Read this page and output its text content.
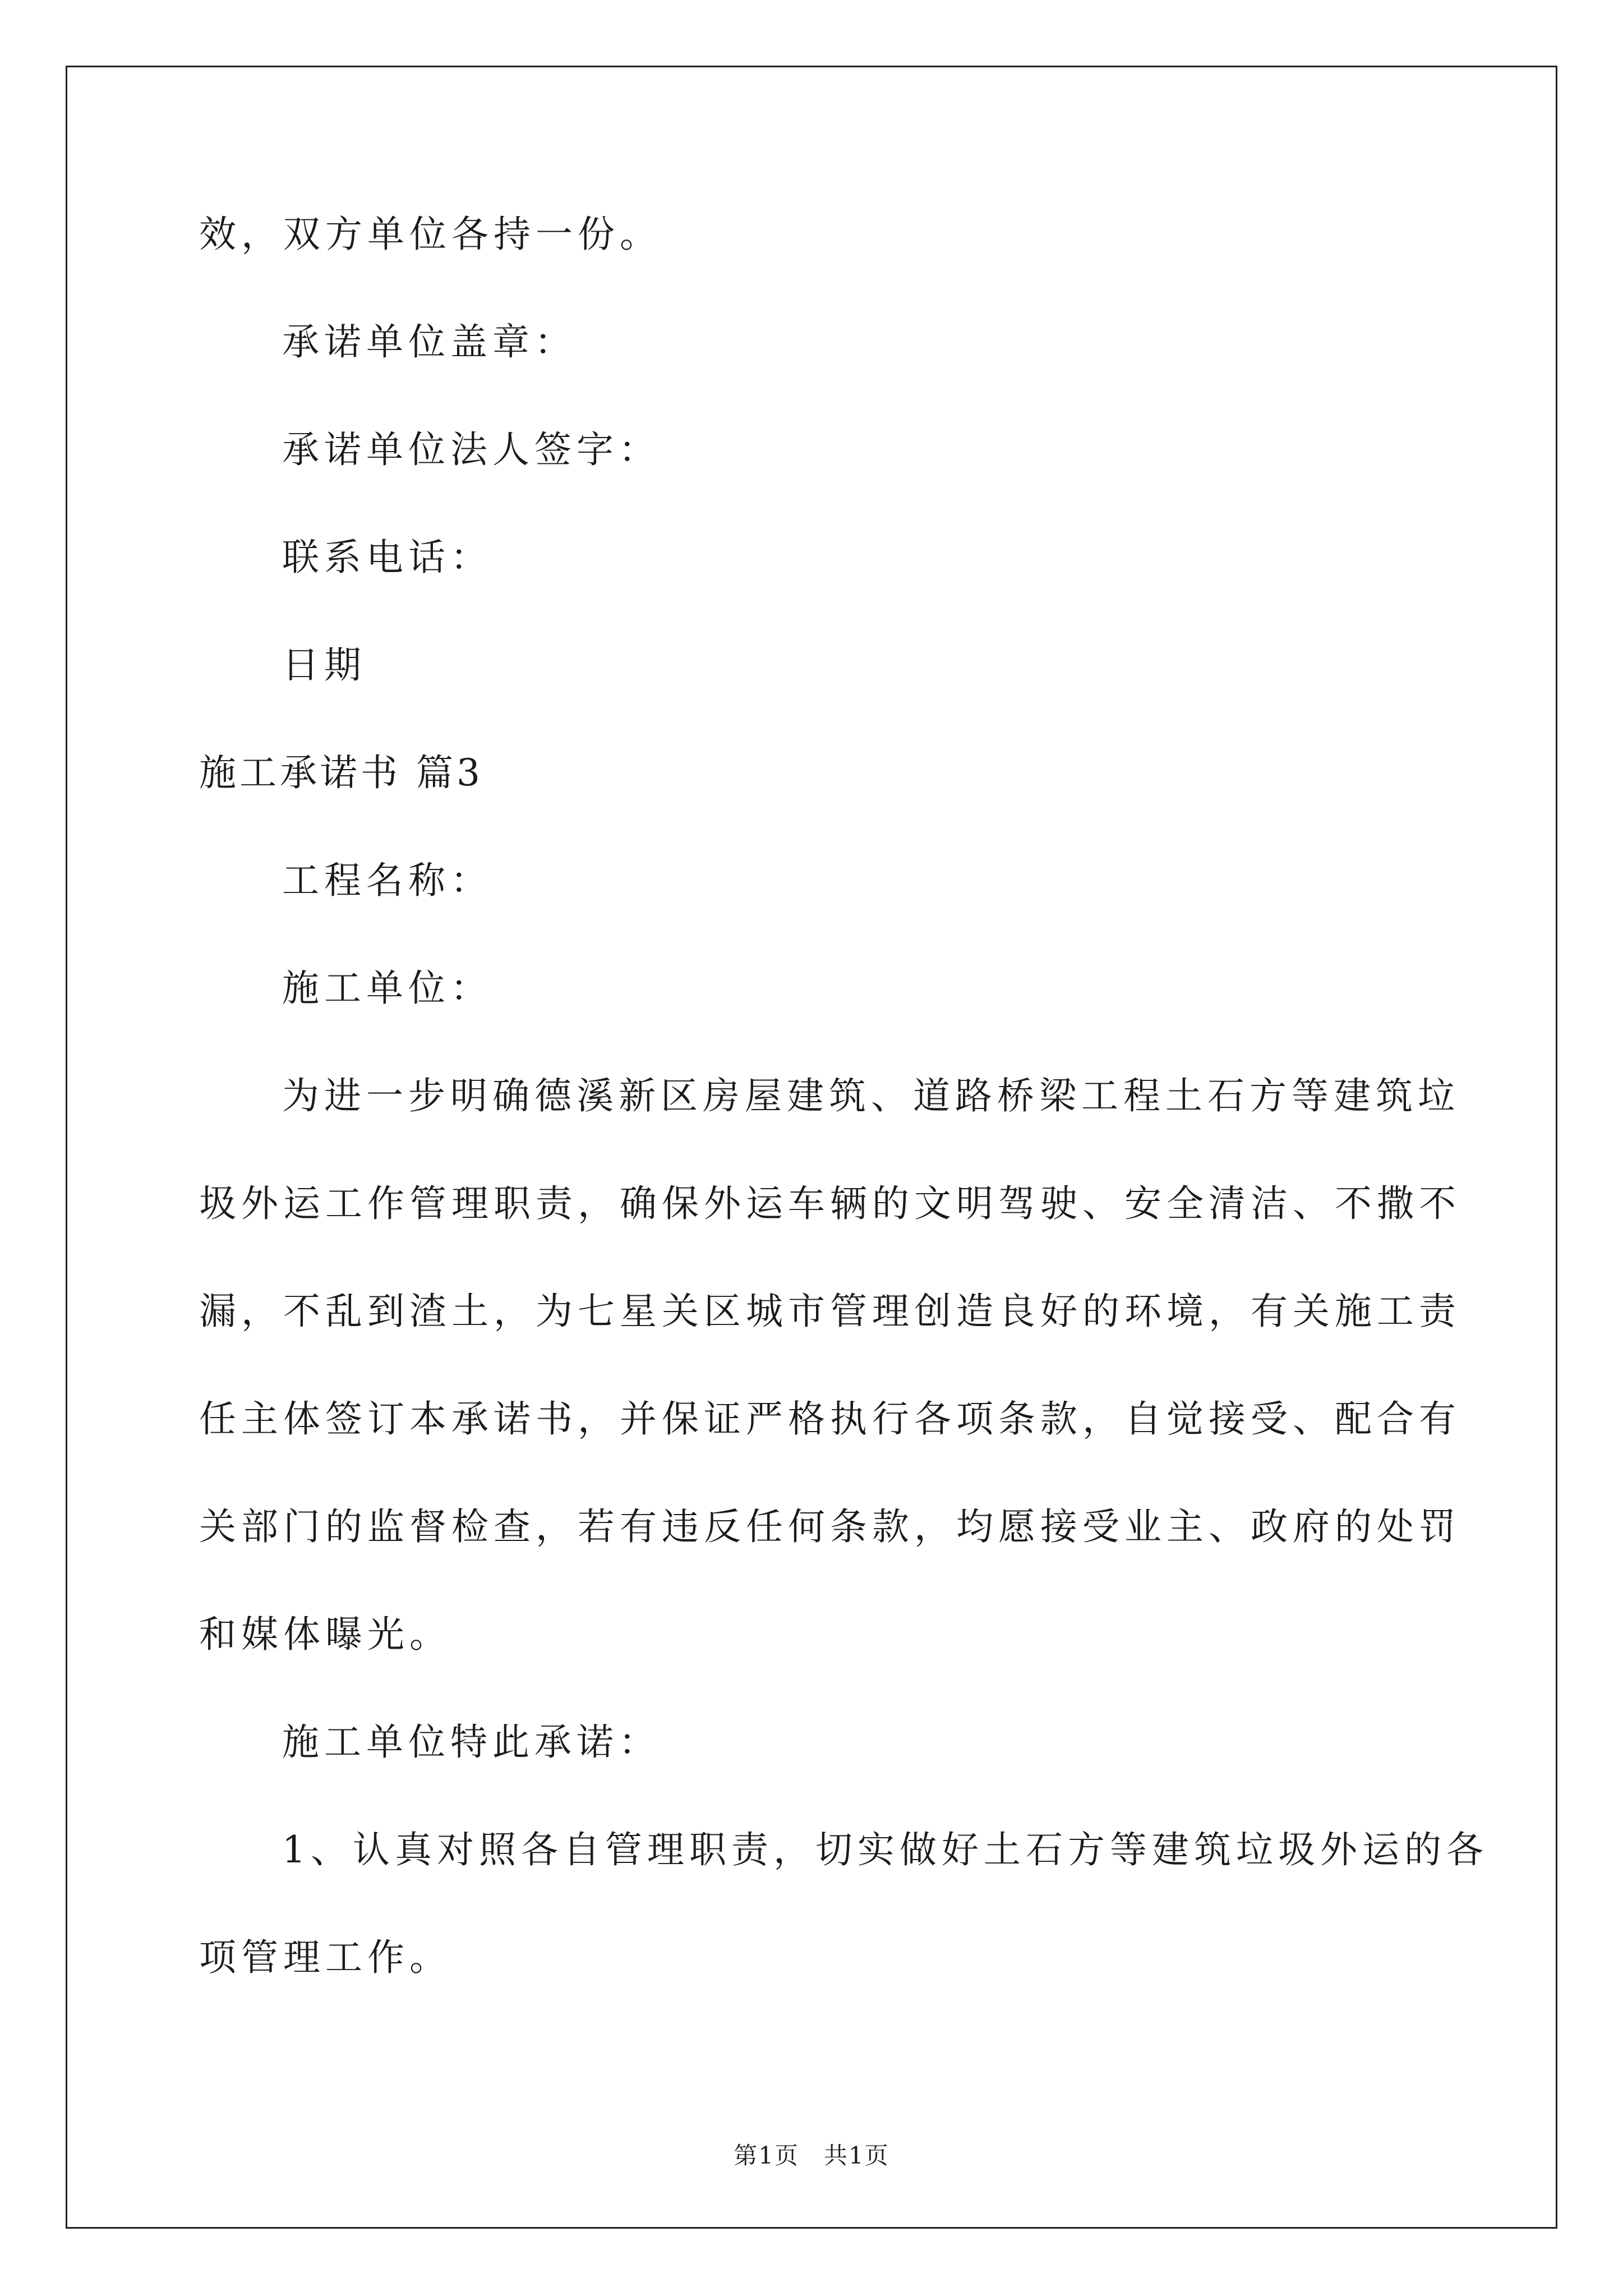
效，双方单位各持一份。
承诺单位盖章：
承诺单位法人签字：
联系电话：
日期
施工承诺书 篇3
工程名称：
施工单位：
为进一步明确德溪新区房屋建筑、道路桥梁工程土石方等建筑垃
圾外运工作管理职责，确保外运车辆的文明驾驶、安全清洁、不撒不
漏，不乱到渣土，为七星关区城市管理创造良好的环境，有关施工责
任主体签订本承诺书，并保证严格执行各项条款，自觉接受、配合有
关部门的监督检查，若有违反任何条款，均愿接受业主、政府的处罚
和媒体曝光。
施工单位特此承诺：
1、认真对照各自管理职责，切实做好土石方等建筑垃圾外运的各
项管理工作。
第1页　共1页
